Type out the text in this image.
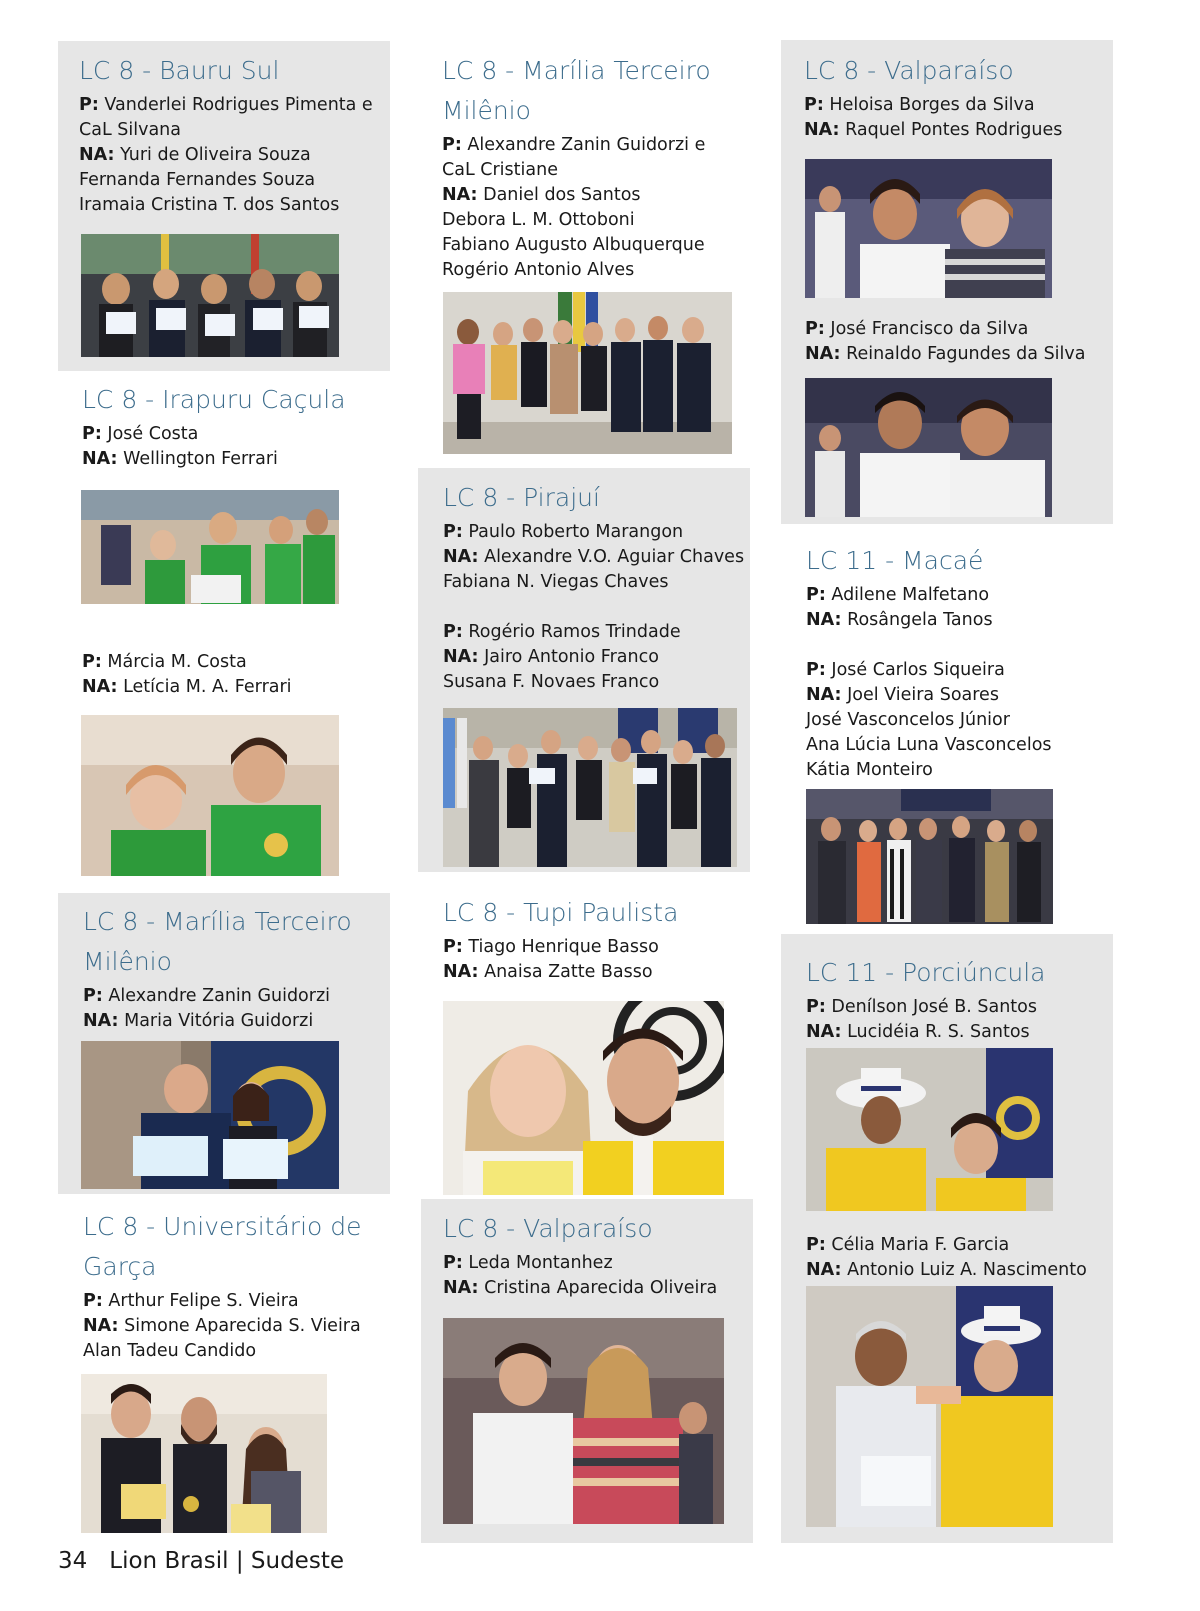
LC 8 - Bauru Sul
P: Vanderlei Rodrigues Pimenta e
CaL Silvana
NA: Yuri de Oliveira Souza
Fernanda Fernandes Souza
Iramaia Cristina T. dos Santos
LC 8 - Irapuru Caçula
P: José Costa
NA: Wellington Ferrari
P: Márcia M. Costa
NA: Letícia M. A. Ferrari
LC 8 - Marília Terceiro
Milênio
P: Alexandre Zanin Guidorzi
NA: Maria Vitória Guidorzi
LC 8 - Universitário de
Garça
P: Arthur Felipe S. Vieira
NA: Simone Aparecida S. Vieira
Alan Tadeu Candido
LC 8 - Marília Terceiro
Milênio
P: Alexandre Zanin Guidorzi e
CaL Cristiane
NA: Daniel dos Santos
Debora L. M. Ottoboni
Fabiano Augusto Albuquerque
Rogério Antonio Alves
LC 8 - Pirajuí
P: Paulo Roberto Marangon
NA: Alexandre V.O. Aguiar Chaves
Fabiana N. Viegas Chaves
P: Rogério Ramos Trindade
NA: Jairo Antonio Franco
Susana F. Novaes Franco
LC 8 - Tupi Paulista
P: Tiago Henrique Basso
NA: Anaisa Zatte Basso
LC 8 - Valparaíso
P: Leda Montanhez
NA: Cristina Aparecida Oliveira
LC 8 - Valparaíso
P: Heloisa Borges da Silva
NA: Raquel Pontes Rodrigues
P: José Francisco da Silva
NA: Reinaldo Fagundes da Silva
LC 11 - Macaé
P: Adilene Malfetano
NA: Rosângela Tanos
P: José Carlos Siqueira
NA: Joel Vieira Soares
José Vasconcelos Júnior
Ana Lúcia Luna Vasconcelos
Kátia Monteiro
LC 11 - Porciúncula
P: Denílson José B. Santos
NA: Lucidéia R. S. Santos
P: Célia Maria F. Garcia
NA: Antonio Luiz A. Nascimento
34 Lion Brasil | Sudeste
